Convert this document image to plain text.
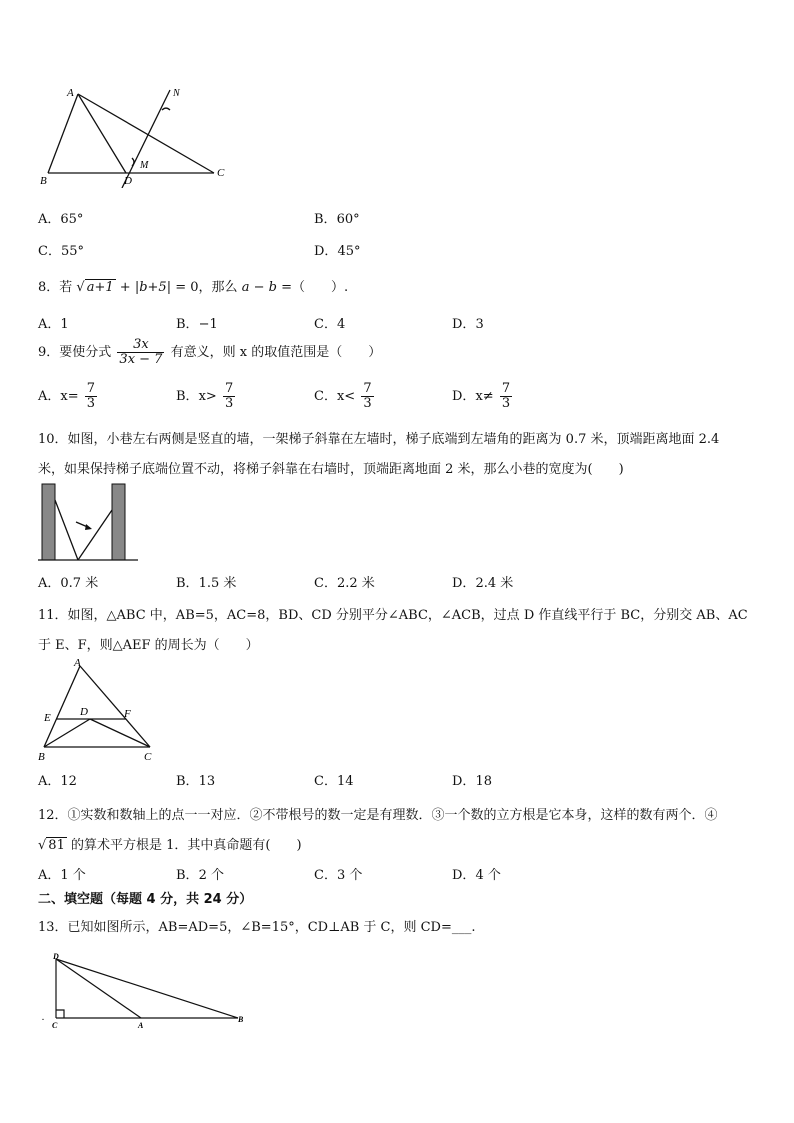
A
B
C
D
M
N
A．65°	B．60°
C．55°	D．45°
8．若 √ a+1 + |b+5| = 0，那么 a − b =（　　）.
A．1	B．−1	C．4	D．3
9．要使分式 $\frac{3x}{3x - 7}$ 有意义，则 x 的取值范围是（　　）
A．$x= \frac{7}{3}$	B．$x> \frac{7}{3}$	C．$x< \frac{7}{3}$	D．$x\ne \frac{7}{3}$
10．如图，小巷左右两侧是竖直的墙，一架梯子斜靠在左墙时，梯子底端到左墙角的距离为 0.7 米，顶端距离地面 2.4
米，如果保持梯子底端位置不动，将梯子斜靠在右墙时，顶端距离地面 2 米，那么小巷的宽度为(　　)
A．0.7 米	B．1.5 米	C．2.2 米	D．2.4 米
11．如图，△ABC 中，AB=5，AC=8，BD、CD 分别平分∠ABC，∠ACB，过点 D 作直线平行于 BC，分别交 AB、AC
于 E、F，则△AEF 的周长为（　　）
A
B	C
D
E	F
A．12	B．13	C．14	D．18
12．①实数和数轴上的点一一对应．②不带根号的数一定是有理数．③一个数的立方根是它本身，这样的数有两个．④
√ 81 的算术平方根是 1．其中真命题有(　　)
A．1 个	B．2 个	C．3 个	D．4 个
二、填空题（每题 4 分，共 24 分）
13．已知如图所示，AB=AD=5，∠B=15°，CD⊥AB 于 C，则 CD=___.
D
.
C	A
B
